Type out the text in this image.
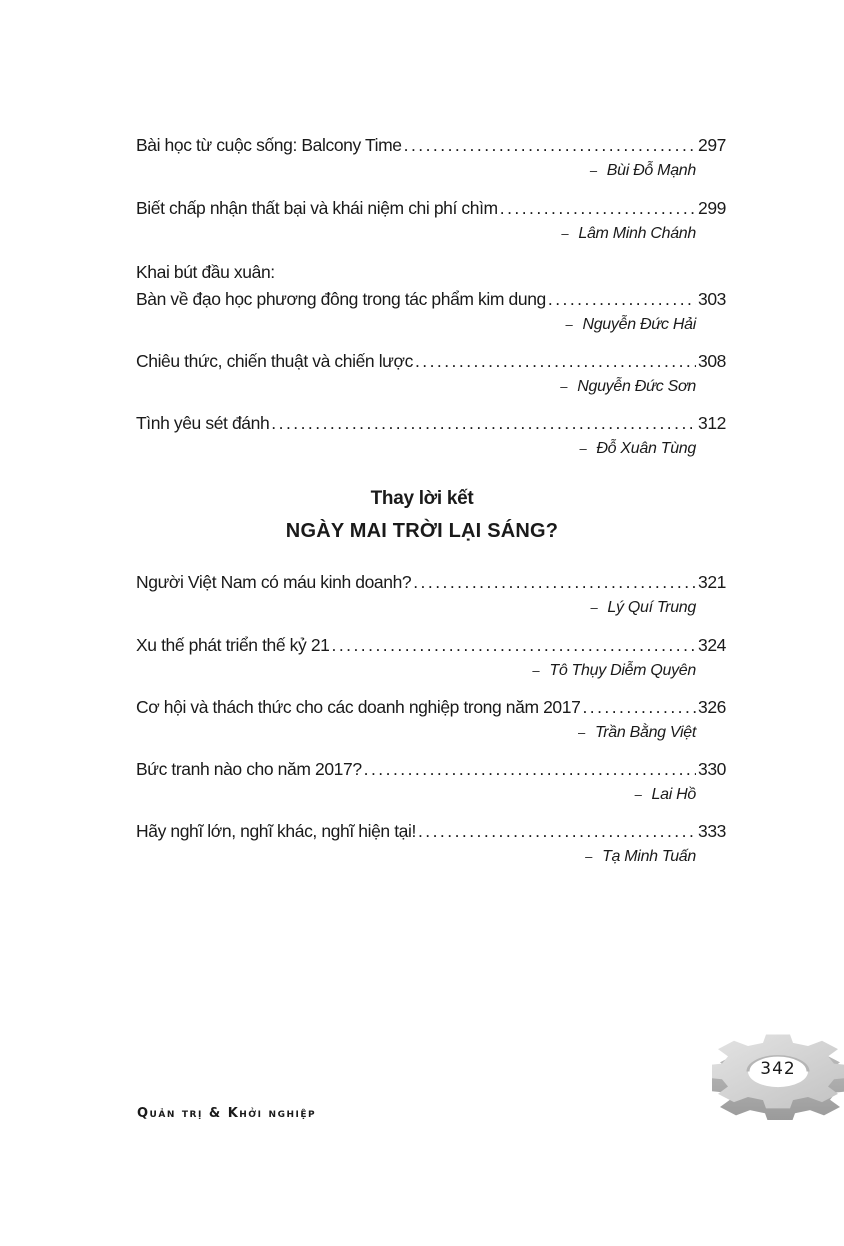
Bài học từ cuộc sống: Balcony Time . . .	297
– Bùi Đỗ Mạnh
Biết chấp nhận thất bại và khái niệm chi phí chìm . . .	299
– Lâm Minh Chánh
Khai bút đầu xuân:
Bàn về đạo học phương đông trong tác phẩm kim dung . . .	303
– Nguyễn Đức Hải
Chiêu thức, chiến thuật và chiến lược . . .	308
– Nguyễn Đức Sơn
Tình yêu sét đánh . . .	312
– Đỗ Xuân Tùng
Thay lời kết
NGÀY MAI TRỜI LẠI SÁNG?
Người Việt Nam có máu kinh doanh? . . .	321
– Lý Quí Trung
Xu thế phát triển thế kỷ 21 . . .	324
– Tô Thụy Diễm Quyên
Cơ hội và thách thức cho các doanh nghiệp trong năm 2017 . . .	326
– Trần Bằng Việt
Bức tranh nào cho năm 2017? . . .	330
– Lai Hồ
Hãy nghĩ lớn, nghĩ khác, nghĩ hiện tại! . . .	333
– Tạ Minh Tuấn
342
Quản trị & Khởi nghiệp
